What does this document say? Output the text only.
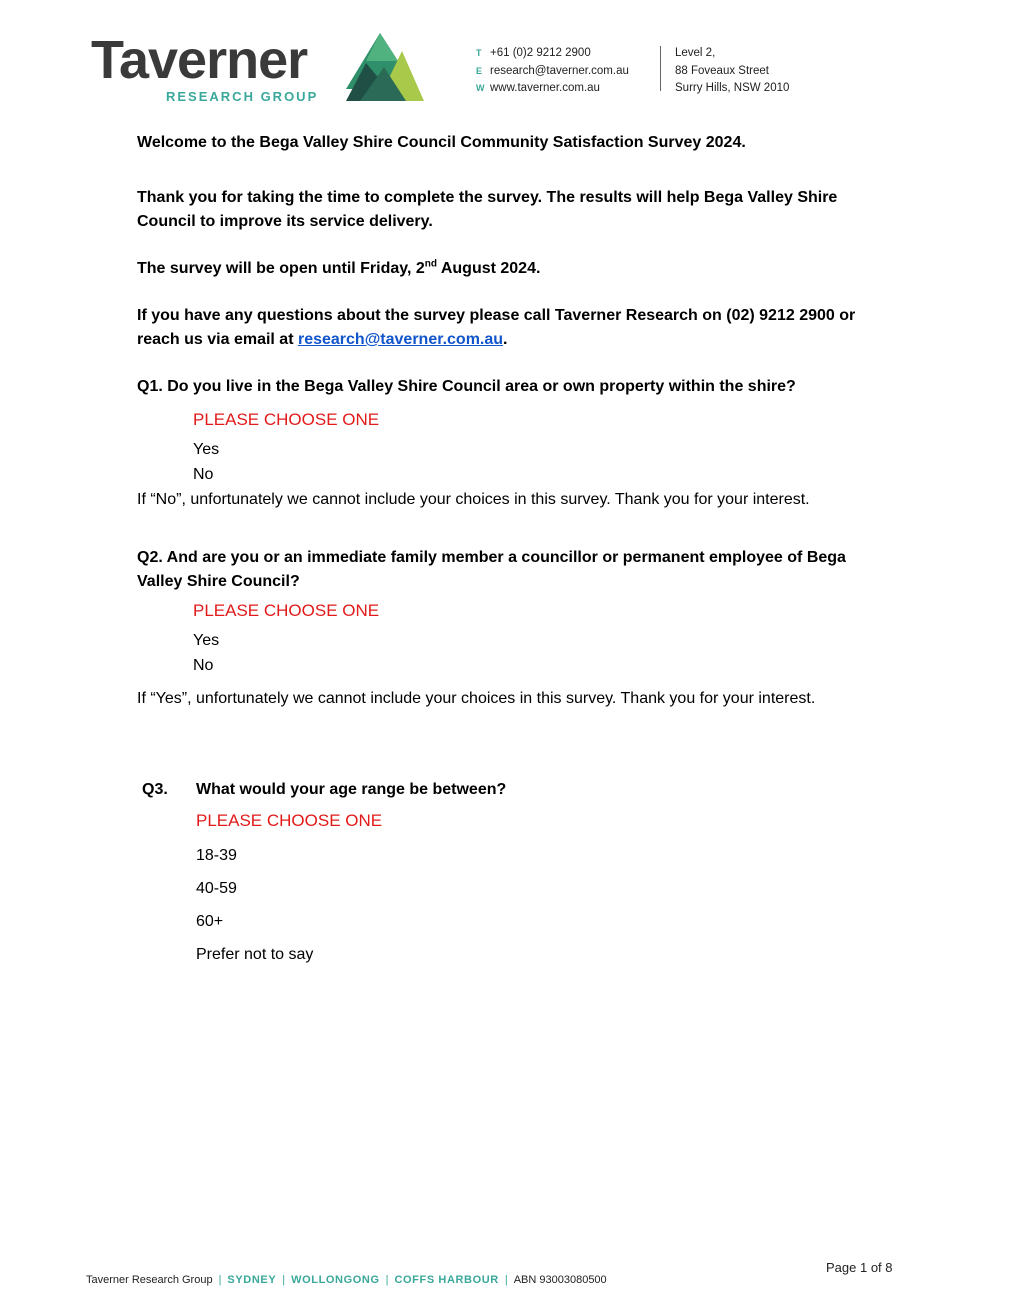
Taverner
RESEARCH GROUP
T +61 (0)2 9212 2900
E research@taverner.com.au
W www.taverner.com.au
Level 2,
88 Foveaux Street
Surry Hills, NSW 2010
Welcome to the Bega Valley Shire Council Community Satisfaction Survey 2024.
Thank you for taking the time to complete the survey. The results will help Bega Valley Shire Council to improve its service delivery.
The survey will be open until Friday, 2nd August 2024.
If you have any questions about the survey please call Taverner Research on (02) 9212 2900 or reach us via email at research@taverner.com.au.
Q1. Do you live in the Bega Valley Shire Council area or own property within the shire?
PLEASE CHOOSE ONE
Yes
No
If “No”, unfortunately we cannot include your choices in this survey. Thank you for your interest.
Q2. And are you or an immediate family member a councillor or permanent employee of Bega Valley Shire Council?
PLEASE CHOOSE ONE
Yes
No
If “Yes”, unfortunately we cannot include your choices in this survey. Thank you for your interest.
Q3. What would your age range be between?
PLEASE CHOOSE ONE
18-39
40-59
60+
Prefer not to say
Page 1 of 8
Taverner Research Group | SYDNEY | WOLLONGONG | COFFS HARBOUR | ABN 93003080500
